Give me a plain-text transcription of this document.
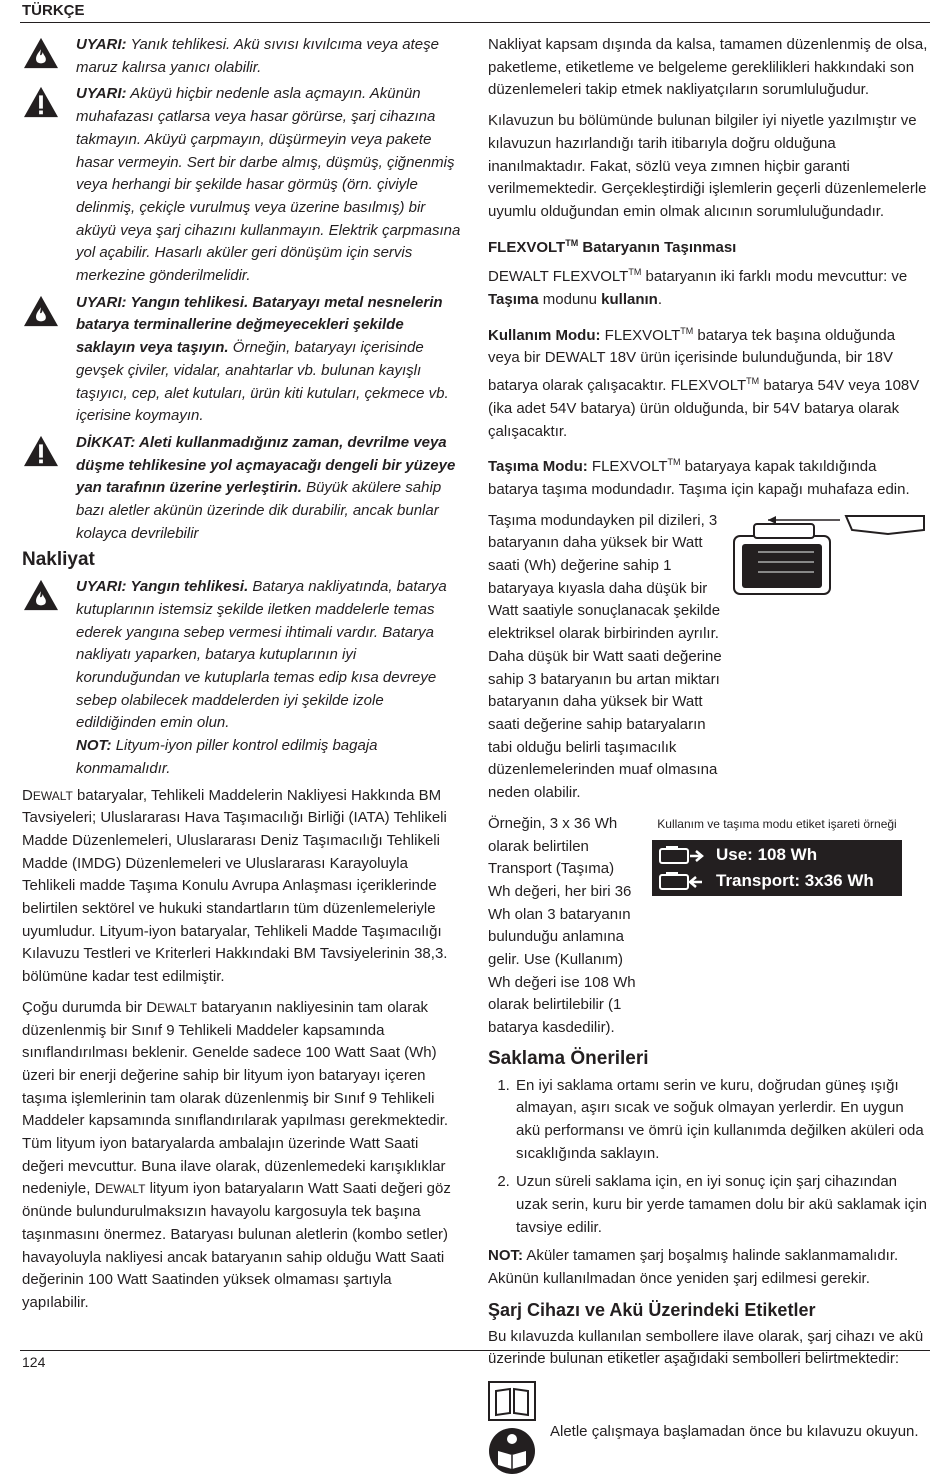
TÜRKÇE
UYARI: Yanık tehlikesi. Akü sıvısı kıvılcıma veya ateşe maruz kalırsa yanıcı olabilir.
UYARI: Aküyü hiçbir nedenle asla açmayın. Akünün muhafazası çatlarsa veya hasar görürse, şarj cihazına takmayın. Aküyü çarpmayın, düşürmeyin veya pakete hasar vermeyin. Sert bir darbe almış, düşmüş, çiğnenmiş veya herhangi bir şekilde hasar görmüş (örn. çiviyle delinmiş, çekiçle vurulmuş veya üzerine basılmış) bir aküyü veya şarj cihazını kullanmayın. Elektrik çarpmasına yol açabilir. Hasarlı aküler geri dönüşüm için servis merkezine gönderilmelidir.
UYARI: Yangın tehlikesi. Bataryayı metal nesnelerin batarya terminallerine değmeyecekleri şekilde saklayın veya taşıyın. Örneğin, bataryayı içerisinde gevşek çiviler, vidalar, anahtarlar vb. bulunan kayışlı taşıyıcı, cep, alet kutuları, ürün kiti kutuları, çekmece vb. içerisine koymayın.
DİKKAT: Aleti kullanmadığınız zaman, devrilme veya düşme tehlikesine yol açmayacağı dengeli bir yüzeye yan tarafının üzerine yerleştirin. Büyük akülere sahip bazı aletler akünün üzerinde dik durabilir, ancak bunlar kolayca devrilebilir
Nakliyat
UYARI: Yangın tehlikesi. Batarya nakliyatında, batarya kutuplarının istemsiz şekilde iletken maddelerle temas ederek yangına sebep vermesi ihtimali vardır. Batarya nakliyatı yaparken, batarya kutuplarının iyi korunduğundan ve kutuplarla temas edip kısa devreye sebep olabilecek maddelerden iyi şekilde izole edildiğinden emin olun.
NOT: Lityum-iyon piller kontrol edilmiş bagaja konmamalıdır.

DEWALT bataryalar, Tehlikeli Maddelerin Nakliyesi Hakkında BM Tavsiyeleri; Uluslararası Hava Taşımacılığı Birliği (IATA) Tehlikeli Madde Düzenlemeleri, Uluslararası Deniz Taşımacılığı Tehlikeli Madde (IMDG) Düzenlemeleri ve Uluslararası Karayoluyla Tehlikeli madde Taşıma Konulu Avrupa Anlaşması içeriklerinde belirtilen sektörel ve hukuki standartların tüm düzenlemeleriyle uyumludur. Lityum-iyon bataryalar, Tehlikeli Madde Taşımacılığı Kılavuzu Testleri ve Kriterleri Hakkındaki BM Tavsiyelerinin 38,3. bölümüne kadar test edilmiştir.

Çoğu durumda bir DEWALT bataryanın nakliyesinin tam olarak düzenlenmiş bir Sınıf 9 Tehlikeli Maddeler kapsamında sınıflandırılması beklenir. Genelde sadece 100 Watt Saat (Wh) üzeri bir enerji değerine sahip bir lityum iyon bataryayı içeren taşıma işlemlerinin tam olarak düzenlenmiş bir Sınıf 9 Tehlikeli Maddeler kapsamında sınıflandırılarak yapılması gerekmektedir. Tüm lityum iyon bataryalarda ambalajın üzerinde Watt Saati değeri mevcuttur. Buna ilave olarak, düzenlemedeki karışıklıklar nedeniyle, DEWALT lityum iyon bataryaların Watt Saati değeri göz önünde bulundurulmaksızın havayolu kargosuyla tek başına taşınmasını önermez. Bataryası bulunan aletlerin (kombo setler) havayoluyla nakliyesi ancak bataryanın sahip olduğu Watt Saati değerinin 100 Watt Saatinden yüksek olmaması şartıyla yapılabilir.

Nakliyat kapsam dışında da kalsa, tamamen düzenlenmiş de olsa, paketleme, etiketleme ve belgeleme gereklilikleri hakkındaki son düzenlemeleri takip etmek nakliyatçıların sorumluluğudur.

Kılavuzun bu bölümünde bulunan bilgiler iyi niyetle yazılmıştır ve kılavuzun hazırlandığı tarih itibarıyla doğru olduğuna inanılmaktadır. Fakat, sözlü veya zımnen hiçbir garanti verilmemektedir. Gerçekleştirdiği işlemlerin geçerli düzenlemelerle uyumlu olduğundan emin olmak alıcının sorumluluğundadır.

FLEXVOLT™ Bataryanın Taşınması

DEWALT FLEXVOLT™ bataryanın iki farklı modu mevcuttur: ve Taşıma modunu kullanın.

Kullanım Modu: FLEXVOLT™ batarya tek başına olduğunda veya bir DEWALT 18V ürün içerisinde bulunduğunda, bir 18V batarya olarak çalışacaktır. FLEXVOLT™ batarya 54V veya 108V (ika adet 54V batarya) ürün olduğunda, bir 54V batarya olarak çalışacaktır.

Taşıma Modu: FLEXVOLT™ bataryaya kapak takıldığında batarya taşıma modundadır. Taşıma için kapağı muhafaza edin.

Taşıma modundayken pil dizileri, 3 bataryanın daha yüksek bir Watt saati (Wh) değerine sahip 1 bataryaya kıyasla daha düşük bir Watt saatiyle sonuçlanacak şekilde elektriksel olarak birbirinden ayrılır. Daha düşük bir Watt saati değerine sahip 3 bataryanın bu artan miktarı bataryanın daha yüksek bir Watt saati değerine sahip bataryaların tabi olduğu belirli taşımacılık düzenlemelerinden muaf olmasına neden olabilir.

Kullanım ve taşıma modu etiket işareti örneği
Use: 108 Wh
Transport: 3x36 Wh

Örneğin, 3 x 36 Wh olarak belirtilen Transport (Taşıma) Wh değeri, her biri 36 Wh olan 3 bataryanın bulunduğu anlamına gelir. Use (Kullanım) Wh değeri ise 108 Wh olarak belirtilebilir (1 batarya kasdedilir).

Saklama Önerileri
1. En iyi saklama ortamı serin ve kuru, doğrudan güneş ışığı almayan, aşırı sıcak ve soğuk olmayan yerlerdir. En uygun akü performansı ve ömrü için kullanımda değilken aküleri oda sıcaklığında saklayın.
2. Uzun süreli saklama için, en iyi sonuç için şarj cihazından uzak serin, kuru bir yerde tamamen dolu bir akü saklamak için tavsiye edilir.

NOT: Aküler tamamen şarj boşalmış halinde saklanmamalıdır. Akünün kullanılmadan önce yeniden şarj edilmesi gerekir.

Şarj Cihazı ve Akü Üzerindeki Etiketler

Bu kılavuzda kullanılan sembollere ilave olarak, şarj cihazı ve akü üzerinde bulunan etiketler aşağıdaki sembolleri belirtmektedir:

Aletle çalışmaya başlamadan önce bu kılavuzu okuyun.
124
